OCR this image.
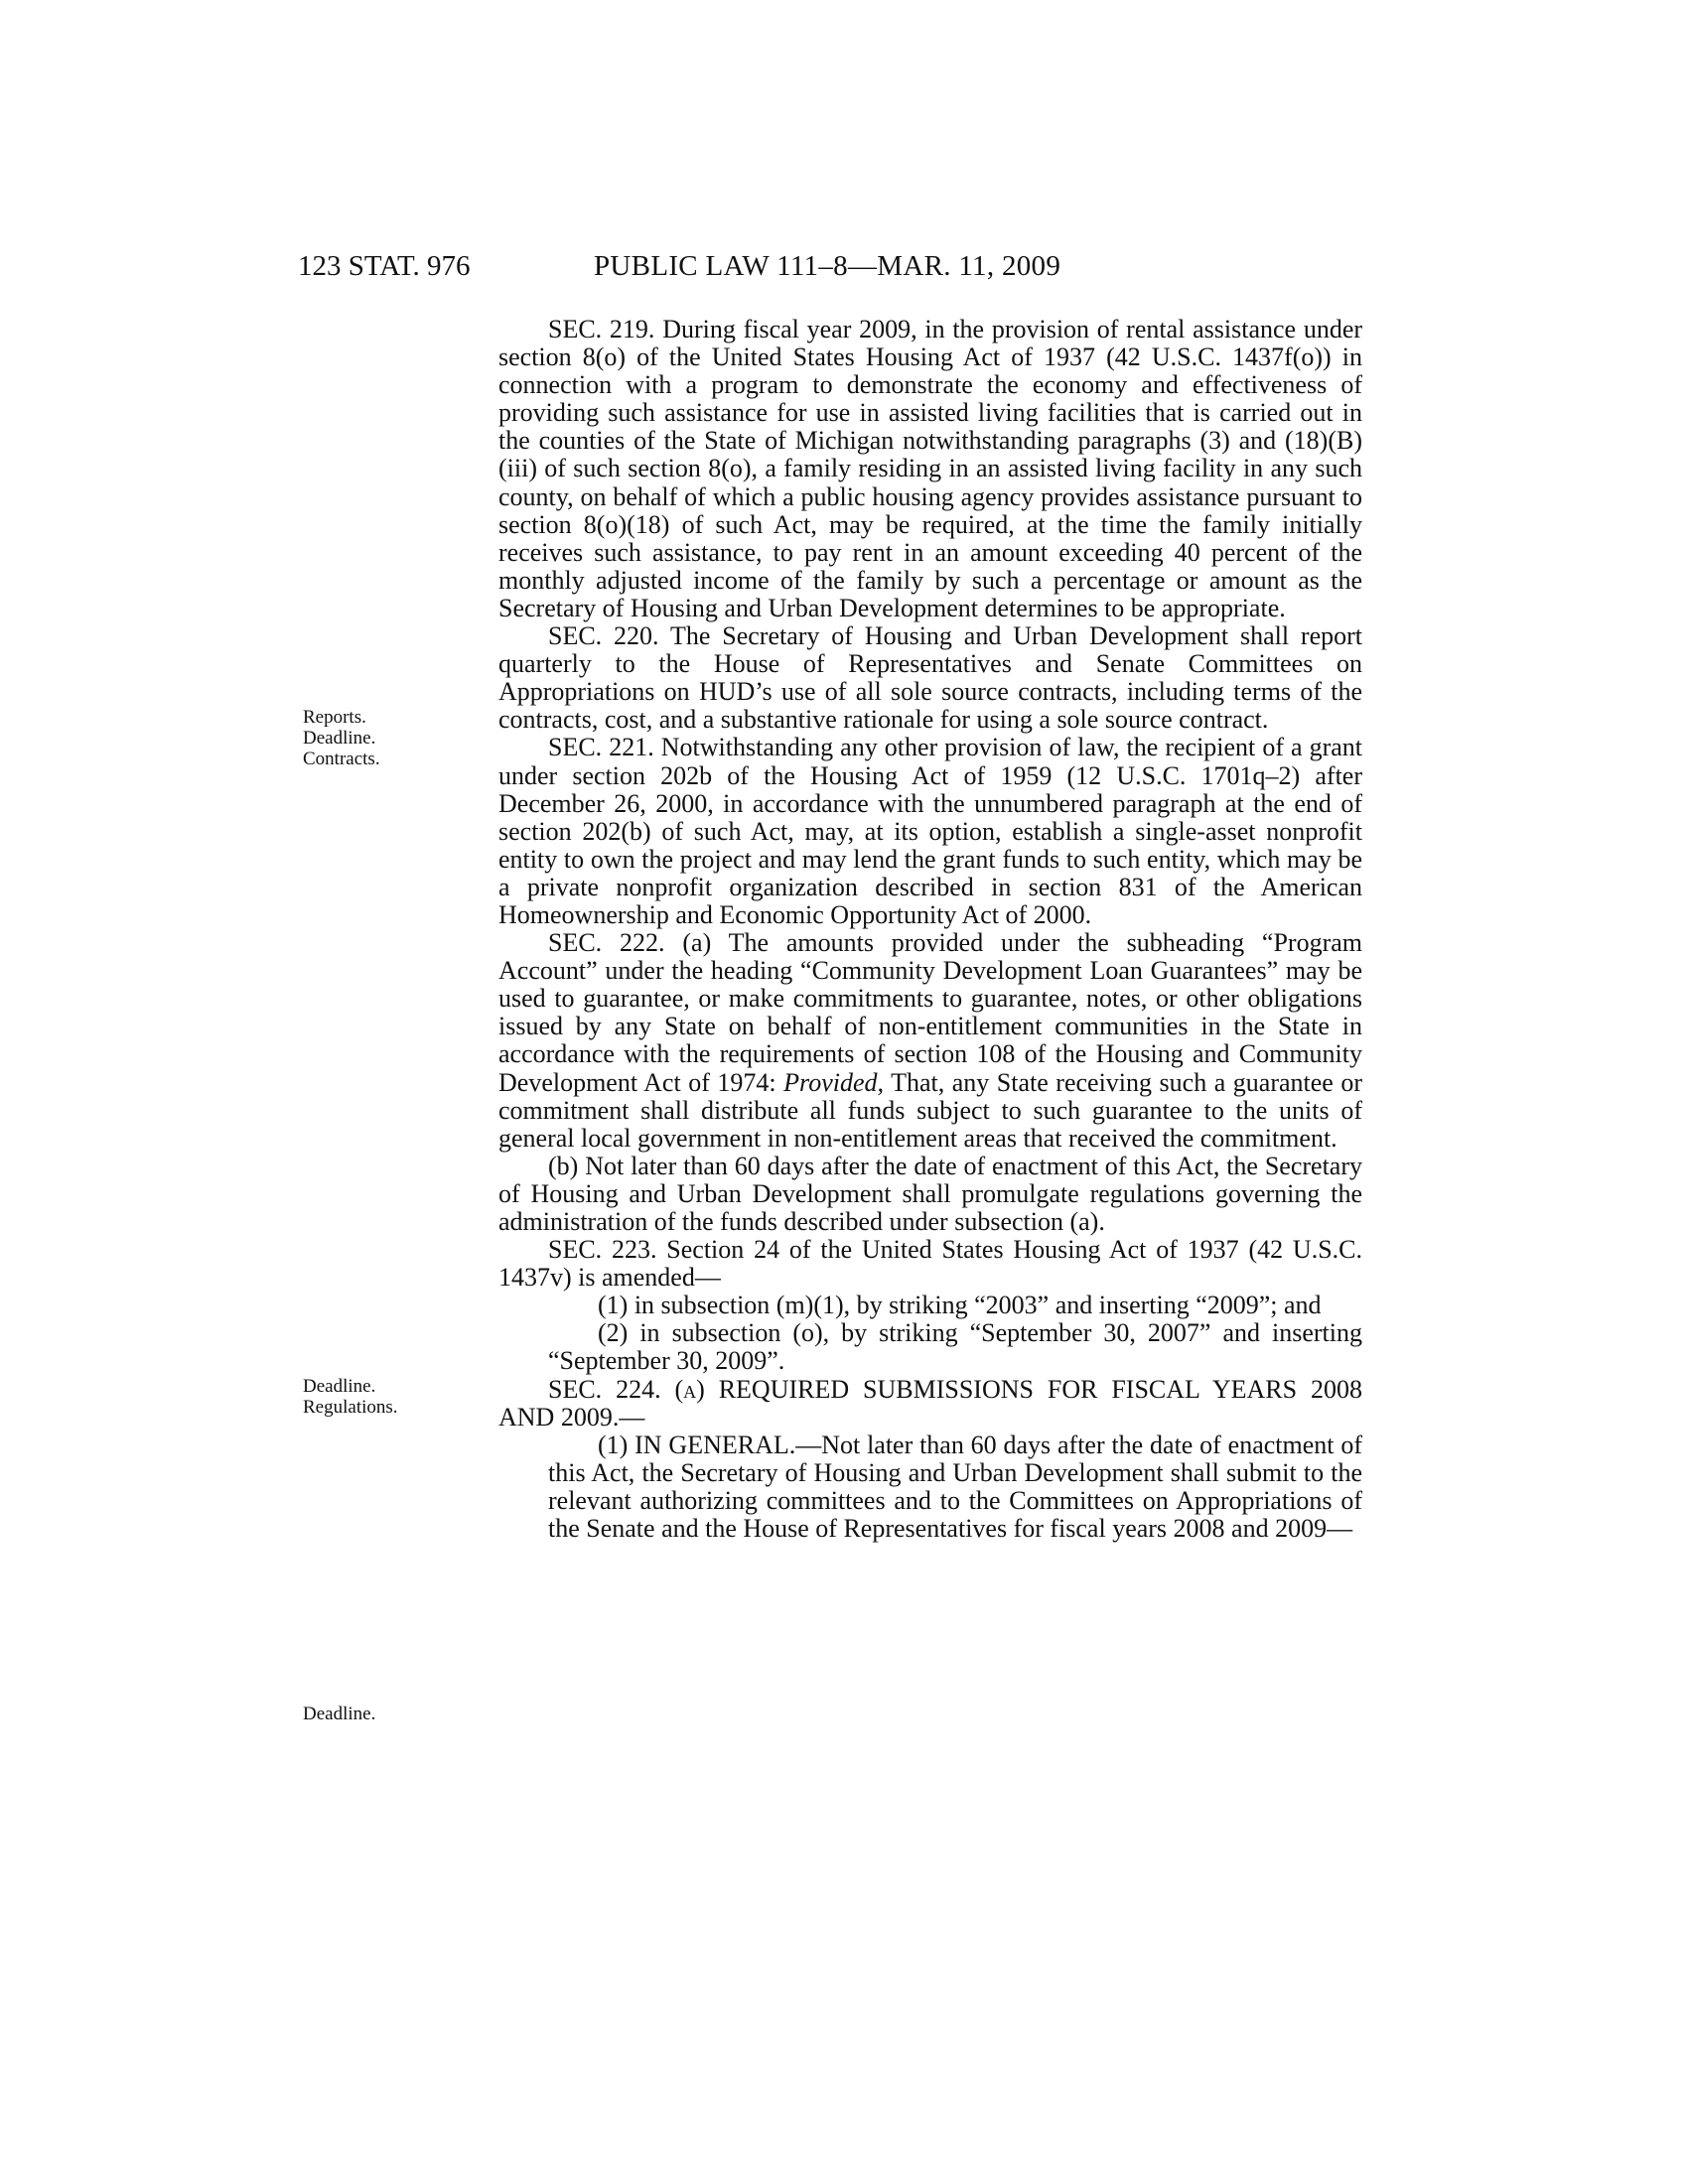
123 STAT. 976	PUBLIC LAW 111–8—MAR. 11, 2009
Reports.
Deadline.
Contracts.
Deadline.
Regulations.
Deadline.

SEC. 219. During fiscal year 2009, in the provision of rental assistance under section 8(o) of the United States Housing Act of 1937 (42 U.S.C. 1437f(o)) in connection with a program to demonstrate the economy and effectiveness of providing such assistance for use in assisted living facilities that is carried out in the counties of the State of Michigan notwithstanding paragraphs (3) and (18)(B)(iii) of such section 8(o), a family residing in an assisted living facility in any such county, on behalf of which a public housing agency provides assistance pursuant to section 8(o)(18) of such Act, may be required, at the time the family initially receives such assistance, to pay rent in an amount exceeding 40 percent of the monthly adjusted income of the family by such a percentage or amount as the Secretary of Housing and Urban Development determines to be appropriate.

SEC. 220. The Secretary of Housing and Urban Development shall report quarterly to the House of Representatives and Senate Committees on Appropriations on HUD’s use of all sole source contracts, including terms of the contracts, cost, and a substantive rationale for using a sole source contract.

SEC. 221. Notwithstanding any other provision of law, the recipient of a grant under section 202b of the Housing Act of 1959 (12 U.S.C. 1701q–2) after December 26, 2000, in accordance with the unnumbered paragraph at the end of section 202(b) of such Act, may, at its option, establish a single-asset nonprofit entity to own the project and may lend the grant funds to such entity, which may be a private nonprofit organization described in section 831 of the American Homeownership and Economic Opportunity Act of 2000.

SEC. 222. (a) The amounts provided under the subheading “Program Account” under the heading “Community Development Loan Guarantees” may be used to guarantee, or make commitments to guarantee, notes, or other obligations issued by any State on behalf of non-entitlement communities in the State in accordance with the requirements of section 108 of the Housing and Community Development Act of 1974: Provided, That, any State receiving such a guarantee or commitment shall distribute all funds subject to such guarantee to the units of general local government in non-entitlement areas that received the commitment.

(b) Not later than 60 days after the date of enactment of this Act, the Secretary of Housing and Urban Development shall promulgate regulations governing the administration of the funds described under subsection (a).

SEC. 223. Section 24 of the United States Housing Act of 1937 (42 U.S.C. 1437v) is amended—

(1) in subsection (m)(1), by striking “2003” and inserting “2009”; and

(2) in subsection (o), by striking “September 30, 2007” and inserting “September 30, 2009”.

SEC. 224. (a) REQUIRED SUBMISSIONS FOR FISCAL YEARS 2008 AND 2009.—

(1) IN GENERAL.—Not later than 60 days after the date of enactment of this Act, the Secretary of Housing and Urban Development shall submit to the relevant authorizing committees and to the Committees on Appropriations of the Senate and the House of Representatives for fiscal years 2008 and 2009—
